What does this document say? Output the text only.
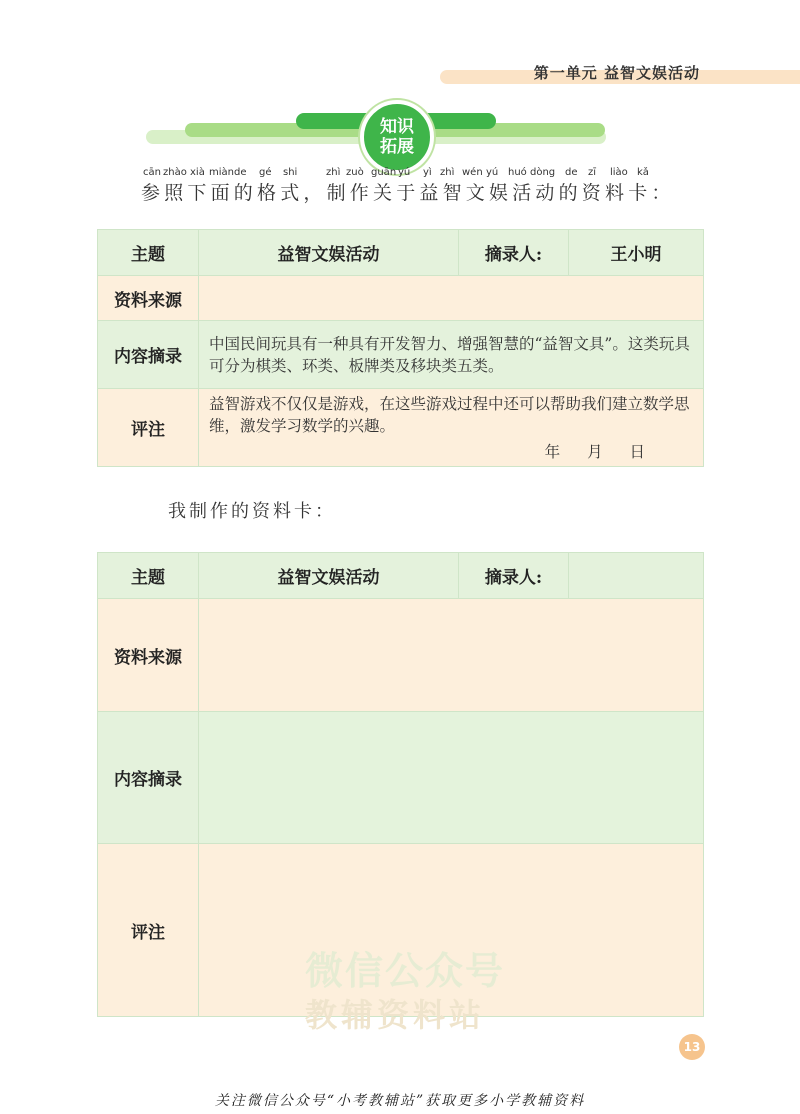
第一单元 益智文娱活动
知识
拓展
cān zhào xià miàn de gé shi	zhì zuò guān yú yì zhì wén yú huó dòng de zī liào kǎ
参照下面的格式，制作关于益智文娱活动的资料卡：
主题	益智文娱活动	摘录人:	王小明
资料来源			
内容摘录	中国民间玩具有一种具有开发智力、增强智慧的“益智文具”。这类玩具可分为棋类、环类、板牌类及移块类五类。		
评注	益智游戏不仅仅是游戏，在这些游戏过程中还可以帮助我们建立数学思维，激发学习数学的兴趣。
年 月 日		
我制作的资料卡：
主题	益智文娱活动	摘录人:	
资料来源			
内容摘录			
评注			
微信公众号
教辅资料站
13
关注微信公众号“小考教辅站”获取更多小学教辅资料
